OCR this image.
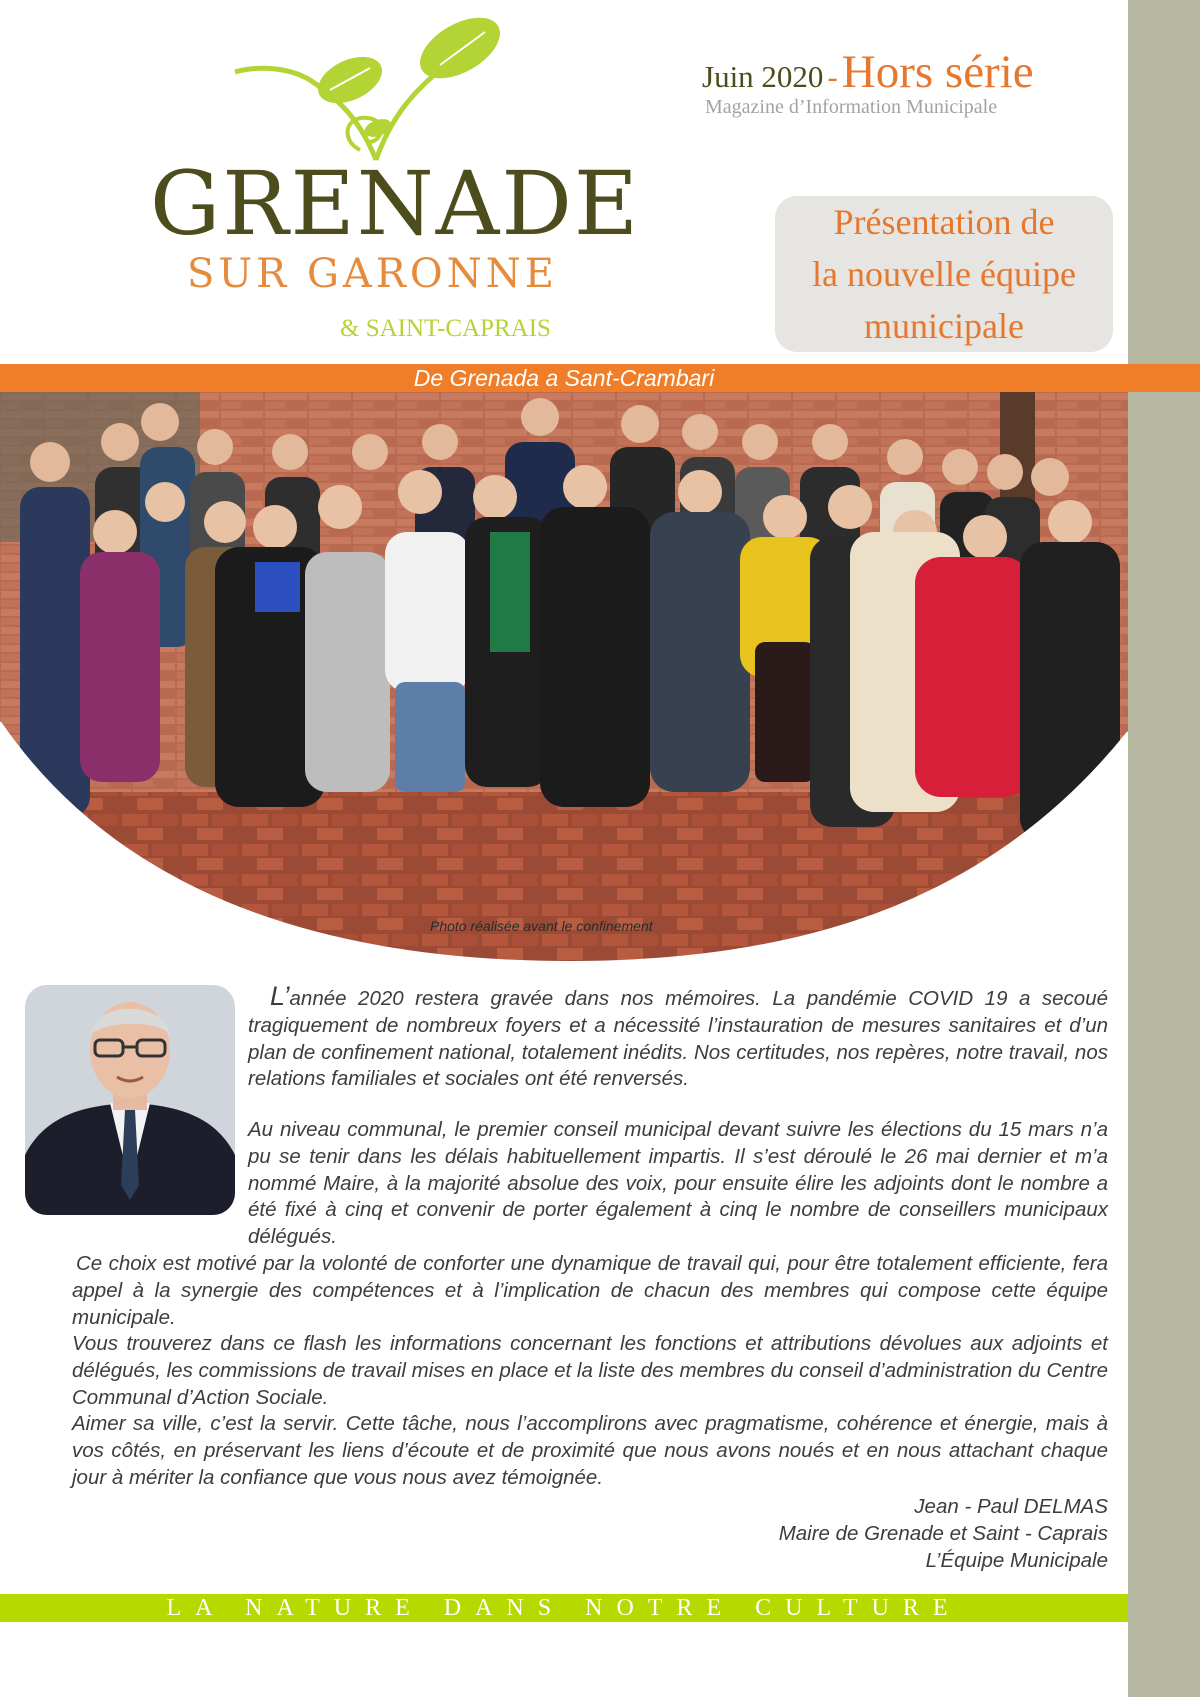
GRENADE
SUR GARONNE
& SAINT-CAPRAIS
Juin 2020 - Hors série
Magazine d’Information Municipale
Présentation de
la nouvelle équipe
municipale
De Grenada a Sant-Crambari
Photo réalisée avant le confinement

L’année 2020 restera gravée dans nos mémoires. La pandémie COVID 19 a secoué tragiquement de nombreux foyers et a nécessité l’instauration de mesures sanitaires et d’un plan de confinement national, totalement inédits. Nos certitudes, nos repères, notre travail, nos relations familiales et sociales ont été renversés.

Au niveau communal, le premier conseil municipal devant suivre les élections du 15 mars n’a pu se tenir dans les délais habituellement impartis. Il s’est déroulé le 26 mai dernier et m’a nommé Maire, à la majorité absolue des voix, pour ensuite élire les adjoints dont le nombre a été fixé à cinq et convenir de porter également à cinq le nombre de conseillers municipaux délégués.

Ce choix est motivé par la volonté de conforter une dynamique de travail qui, pour être totalement efficiente, fera appel à la synergie des compétences et à l’implication de chacun des membres qui compose cette équipe municipale.

Vous trouverez dans ce flash les informations concernant les fonctions et attributions dévolues aux adjoints et délégués, les commissions de travail mises en place et la liste des membres du conseil d’administration du Centre Communal d’Action Sociale.

Aimer sa ville, c’est la servir. Cette tâche, nous l’accomplirons avec pragmatisme, cohérence et énergie, mais à vos côtés, en préservant les liens d’écoute et de proximité que nous avons noués et en nous attachant chaque jour à mériter la confiance que vous nous avez témoignée.

Jean - Paul DELMAS
Maire de Grenade et Saint - Caprais
L’Équipe Municipale
LA NATURE DANS NOTRE CULTURE
